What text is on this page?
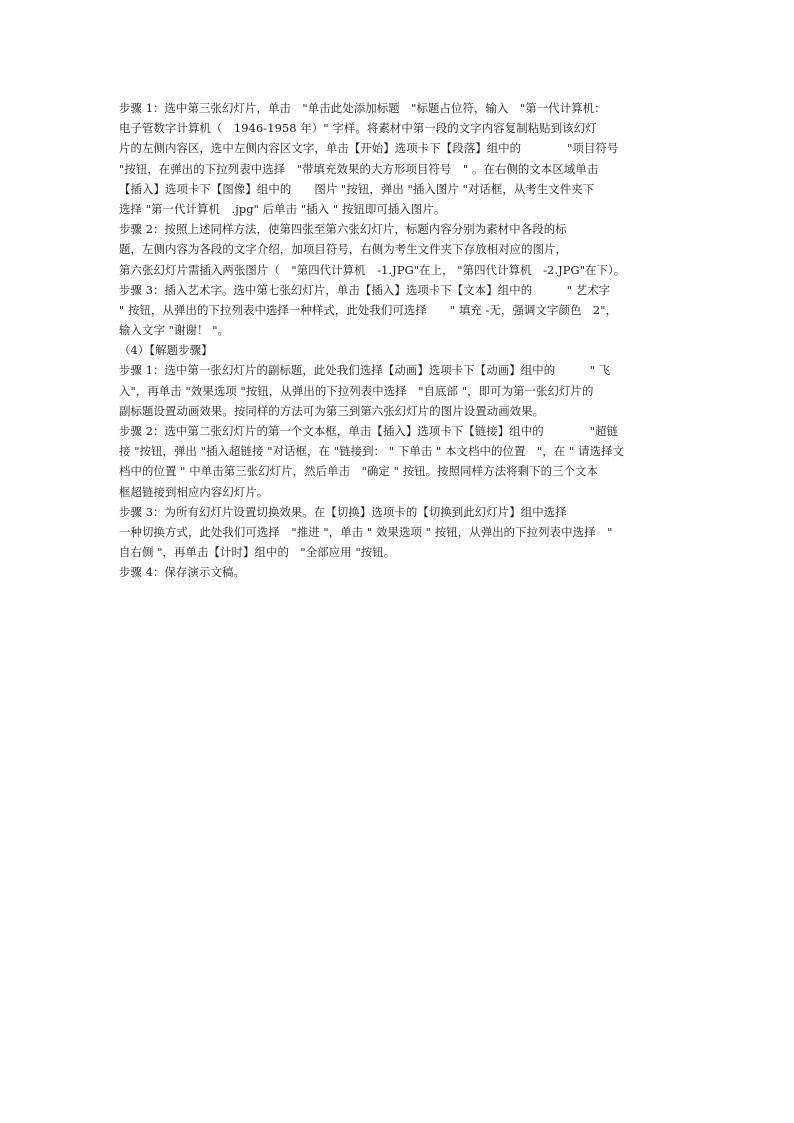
步骤 1：选中第三张幻灯片，单击　"单击此处添加标题　"标题占位符，输入　"第一代计算机：
电子管数字计算机（　1946-1958 年）" 字样。将素材中第一段的文字内容复制粘贴到该幻灯
片的左侧内容区，选中左侧内容区文字，单击【开始】选项卡下【段落】组中的　　　　"项目符号
"按钮，在弹出的下拉列表中选择　"带填充效果的大方形项目符号　" 。在右侧的文本区域单击
【插入】选项卡下【图像】组中的　　图片 "按钮，弹出 "插入图片 "对话框，从考生文件夹下
选择 "第一代计算机　.jpg" 后单击 "插入 " 按钮即可插入图片。
步骤 2：按照上述同样方法，使第四张至第六张幻灯片，标题内容分别为素材中各段的标
题，左侧内容为各段的文字介绍，加项目符号，右侧为考生文件夹下存放相对应的图片，
第六张幻灯片需插入两张图片（　"第四代计算机　-1.JPG"在上， "第四代计算机　-2.JPG"在下）。
步骤 3：插入艺术字。选中第七张幻灯片，单击【插入】选项卡下【文本】组中的　　　" 艺术字
" 按钮，从弹出的下拉列表中选择一种样式，此处我们可选择　　" 填充 -无，强调文字颜色　2"，
输入文字 "谢谢！ "。
（4）【解题步骤】
步骤 1：选中第一张幻灯片的副标题，此处我们选择【动画】选项卡下【动画】组中的　　　" 飞
入"，再单击 "效果选项 "按钮，从弹出的下拉列表中选择　"自底部 "，即可为第一张幻灯片的
副标题设置动画效果。按同样的方法可为第三到第六张幻灯片的图片设置动画效果。
步骤 2：选中第二张幻灯片的第一个文本框，单击【插入】选项卡下【链接】组中的　　　　"超链
接 "按钮，弹出 "插入超链接 "对话框，在 "链接到： " 下单击 " 本文档中的位置　"，在 " 请选择文
档中的位置 " 中单击第三张幻灯片，然后单击　"确定 " 按钮。按照同样方法将剩下的三个文本
框超链接到相应内容幻灯片。
步骤 3：为所有幻灯片设置切换效果。在【切换】选项卡的【切换到此幻灯片】组中选择
一种切换方式，此处我们可选择　"推进 "，单击 " 效果选项 " 按钮，从弹出的下拉列表中选择　"
自右侧 "，再单击【计时】组中的　"全部应用 "按钮。
步骤 4：保存演示文稿。
